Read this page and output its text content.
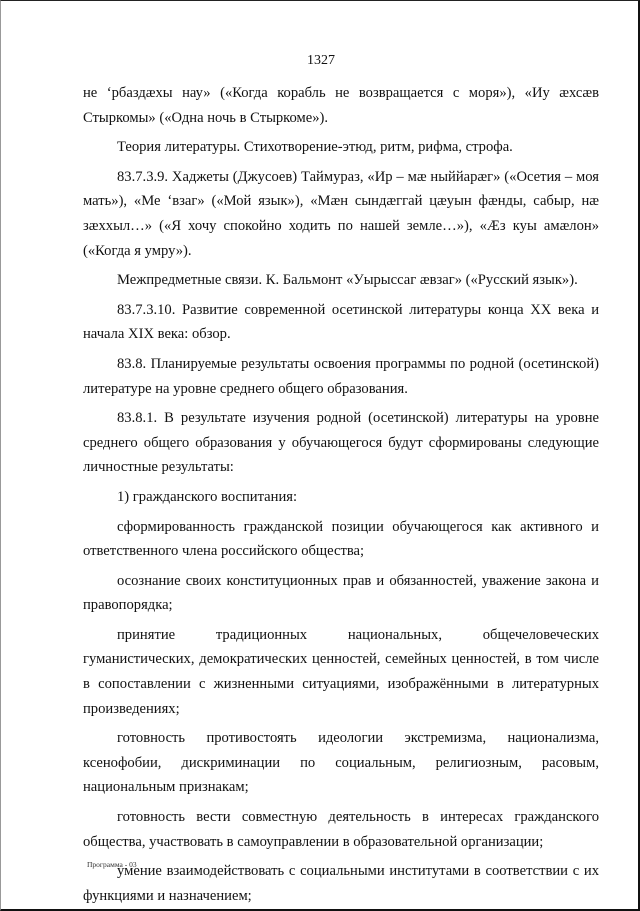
1327

не ‘рбаздæхы нау» («Когда корабль не возвращается с моря»), «Иу æхсæв Стыркомы» («Одна ночь в Стыркоме»).

Теория литературы. Стихотворение-этюд, ритм, рифма, строфа.

83.7.3.9. Хаджеты (Джусоев) Таймураз, «Ир – мæ ныййарæг» («Осетия – моя мать»), «Ме ‘взаг» («Мой язык»), «Мæн сындæггай цæуын фæнды, сабыр, нæ зæххыл…» («Я хочу спокойно ходить по нашей земле…»), «Æз куы амæлон» («Когда я умру»).

Межпредметные связи. К. Бальмонт «Уырыссаг æвзаг» («Русский язык»).

83.7.3.10. Развитие современной осетинской литературы конца XX века и начала XIX века: обзор.

83.8. Планируемые результаты освоения программы по родной (осетинской) литературе на уровне среднего общего образования.

83.8.1. В результате изучения родной (осетинской) литературы на уровне среднего общего образования у обучающегося будут сформированы следующие личностные результаты:

1) гражданского воспитания:

сформированность гражданской позиции обучающегося как активного и ответственного члена российского общества;

осознание своих конституционных прав и обязанностей, уважение закона и правопорядка;

принятие традиционных национальных, общечеловеческих гуманистических, демократических ценностей, семейных ценностей, в том числе в сопоставлении с жизненными ситуациями, изображёнными в литературных произведениях;

готовность противостоять идеологии экстремизма, национализма, ксенофобии, дискриминации по социальным, религиозным, расовым, национальным признакам;

готовность вести совместную деятельность в интересах гражданского общества, участвовать в самоуправлении в образовательной организации;

умение взаимодействовать с социальными институтами в соответствии с их функциями и назначением;

Программа - 03
